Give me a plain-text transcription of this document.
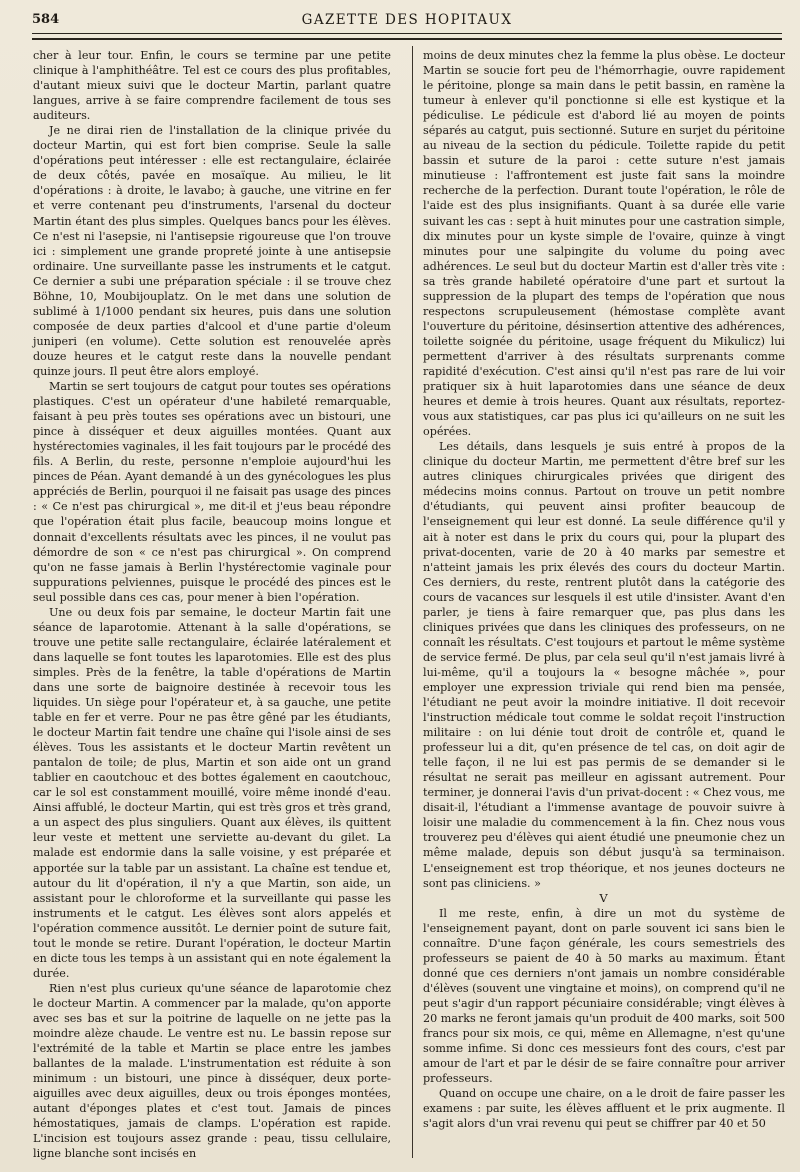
584	GAZETTE DES HOPITAUX

cher à leur tour. Enfin, le cours se termine par une petite clinique à l'amphithéâtre. Tel est ce cours des plus profitables, d'autant mieux suivi que le docteur Martin, parlant quatre langues, arrive à se faire comprendre facilement de tous ses auditeurs.

Je ne dirai rien de l'installation de la clinique privée du docteur Martin, qui est fort bien comprise. Seule la salle d'opérations peut intéresser : elle est rectangulaire, éclairée de deux côtés, pavée en mosaïque. Au milieu, le lit d'opérations : à droite, le lavabo; à gauche, une vitrine en fer et verre contenant peu d'instruments, l'arsenal du docteur Martin étant des plus simples. Quelques bancs pour les élèves. Ce n'est ni l'asepsie, ni l'antisepsie rigoureuse que l'on trouve ici : simplement une grande propreté jointe à une antisepsie ordinaire. Une surveillante passe les instruments et le catgut. Ce dernier a subi une préparation spéciale : il se trouve chez Böhne, 10, Moubijouplatz. On le met dans une solution de sublimé à 1/1000 pendant six heures, puis dans une solution composée de deux parties d'alcool et d'une partie d'oleum juniperi (en volume). Cette solution est renouvelée après douze heures et le catgut reste dans la nouvelle pendant quinze jours. Il peut être alors employé.

Martin se sert toujours de catgut pour toutes ses opérations plastiques. C'est un opérateur d'une habileté remarquable, faisant à peu près toutes ses opérations avec un bistouri, une pince à disséquer et deux aiguilles montées. Quant aux hystérectomies vaginales, il les fait toujours par le procédé des fils. A Berlin, du reste, personne n'emploie aujourd'hui les pinces de Péan. Ayant demandé à un des gynécologues les plus appréciés de Berlin, pourquoi il ne faisait pas usage des pinces : « Ce n'est pas chirurgical », me dit-il et j'eus beau répondre que l'opération était plus facile, beaucoup moins longue et donnait d'excellents résultats avec les pinces, il ne voulut pas démordre de son « ce n'est pas chirurgical ». On comprend qu'on ne fasse jamais à Berlin l'hystérectomie vaginale pour suppurations pelviennes, puisque le procédé des pinces est le seul possible dans ces cas, pour mener à bien l'opération.

Une ou deux fois par semaine, le docteur Martin fait une séance de laparotomie. Attenant à la salle d'opérations, se trouve une petite salle rectangulaire, éclairée latéralement et dans laquelle se font toutes les laparotomies. Elle est des plus simples. Près de la fenêtre, la table d'opérations de Martin dans une sorte de baignoire destinée à recevoir tous les liquides. Un siège pour l'opérateur et, à sa gauche, une petite table en fer et verre. Pour ne pas être gêné par les étudiants, le docteur Martin fait tendre une chaîne qui l'isole ainsi de ses élèves. Tous les assistants et le docteur Martin revêtent un pantalon de toile; de plus, Martin et son aide ont un grand tablier en caoutchouc et des bottes également en caoutchouc, car le sol est constamment mouillé, voire même inondé d'eau. Ainsi affublé, le docteur Martin, qui est très gros et très grand, a un aspect des plus singuliers. Quant aux élèves, ils quittent leur veste et mettent une serviette au-devant du gilet. La malade est endormie dans la salle voisine, y est préparée et apportée sur la table par un assistant. La chaîne est tendue et, autour du lit d'opération, il n'y a que Martin, son aide, un assistant pour le chloroforme et la surveillante qui passe les instruments et le catgut. Les élèves sont alors appelés et l'opération commence aussitôt. Le dernier point de suture fait, tout le monde se retire. Durant l'opération, le docteur Martin en dicte tous les temps à un assistant qui en note également la durée.

Rien n'est plus curieux qu'une séance de laparotomie chez le docteur Martin. A commencer par la malade, qu'on apporte avec ses bas et sur la poitrine de laquelle on ne jette pas la moindre alèze chaude. Le ventre est nu. Le bassin repose sur l'extrémité de la table et Martin se place entre les jambes ballantes de la malade. L'instrumentation est réduite à son minimum : un bistouri, une pince à disséquer, deux porte-aiguilles avec deux aiguilles, deux ou trois éponges montées, autant d'éponges plates et c'est tout. Jamais de pinces hémostatiques, jamais de clamps. L'opération est rapide. L'incision est toujours assez grande : peau, tissu cellulaire, ligne blanche sont incisés en

moins de deux minutes chez la femme la plus obèse. Le docteur Martin se soucie fort peu de l'hémorrhagie, ouvre rapidement le péritoine, plonge sa main dans le petit bassin, en ramène la tumeur à enlever qu'il ponctionne si elle est kystique et la pédiculise. Le pédicule est d'abord lié au moyen de points séparés au catgut, puis sectionné. Suture en surjet du péritoine au niveau de la section du pédicule. Toilette rapide du petit bassin et suture de la paroi : cette suture n'est jamais minutieuse : l'affrontement est juste fait sans la moindre recherche de la perfection. Durant toute l'opération, le rôle de l'aide est des plus insignifiants. Quant à sa durée elle varie suivant les cas : sept à huit minutes pour une castration simple, dix minutes pour un kyste simple de l'ovaire, quinze à vingt minutes pour une salpingite du volume du poing avec adhérences. Le seul but du docteur Martin est d'aller très vite : sa très grande habileté opératoire d'une part et surtout la suppression de la plupart des temps de l'opération que nous respectons scrupuleusement (hémostase complète avant l'ouverture du péritoine, désinsertion attentive des adhérences, toilette soignée du péritoine, usage fréquent du Mikulicz) lui permettent d'arriver à des résultats surprenants comme rapidité d'exécution. C'est ainsi qu'il n'est pas rare de lui voir pratiquer six à huit laparotomies dans une séance de deux heures et demie à trois heures. Quant aux résultats, reportez-vous aux statistiques, car pas plus ici qu'ailleurs on ne suit les opérées.

Les détails, dans lesquels je suis entré à propos de la clinique du docteur Martin, me permettent d'être bref sur les autres cliniques chirurgicales privées que dirigent des médecins moins connus. Partout on trouve un petit nombre d'étudiants, qui peuvent ainsi profiter beaucoup de l'enseignement qui leur est donné. La seule différence qu'il y ait à noter est dans le prix du cours qui, pour la plupart des privat-docenten, varie de 20 à 40 marks par semestre et n'atteint jamais les prix élevés des cours du docteur Martin. Ces derniers, du reste, rentrent plutôt dans la catégorie des cours de vacances sur lesquels il est utile d'insister. Avant d'en parler, je tiens à faire remarquer que, pas plus dans les cliniques privées que dans les cliniques des professeurs, on ne connaît les résultats. C'est toujours et partout le même système de service fermé. De plus, par cela seul qu'il n'est jamais livré à lui-même, qu'il a toujours la « besogne mâchée », pour employer une expression triviale qui rend bien ma pensée, l'étudiant ne peut avoir la moindre initiative. Il doit recevoir l'instruction médicale tout comme le soldat reçoit l'instruction militaire : on lui dénie tout droit de contrôle et, quand le professeur lui a dit, qu'en présence de tel cas, on doit agir de telle façon, il ne lui est pas permis de se demander si le résultat ne serait pas meilleur en agissant autrement. Pour terminer, je donnerai l'avis d'un privat-docent : « Chez vous, me disait-il, l'étudiant a l'immense avantage de pouvoir suivre à loisir une maladie du commencement à la fin. Chez nous vous trouverez peu d'élèves qui aient étudié une pneumonie chez un même malade, depuis son début jusqu'à sa terminaison. L'enseignement est trop théorique, et nos jeunes docteurs ne sont pas cliniciens. »

V

Il me reste, enfin, à dire un mot du système de l'enseignement payant, dont on parle souvent ici sans bien le connaître. D'une façon générale, les cours semestriels des professeurs se paient de 40 à 50 marks au maximum. Étant donné que ces derniers n'ont jamais un nombre considérable d'élèves (souvent une vingtaine et moins), on comprend qu'il ne peut s'agir d'un rapport pécuniaire considérable; vingt élèves à 20 marks ne feront jamais qu'un produit de 400 marks, soit 500 francs pour six mois, ce qui, même en Allemagne, n'est qu'une somme infime. Si donc ces messieurs font des cours, c'est par amour de l'art et par le désir de se faire connaître pour arriver professeurs.

Quand on occupe une chaire, on a le droit de faire passer les examens : par suite, les élèves affluent et le prix augmente. Il s'agit alors d'un vrai revenu qui peut se chiffrer par 40 et 50
